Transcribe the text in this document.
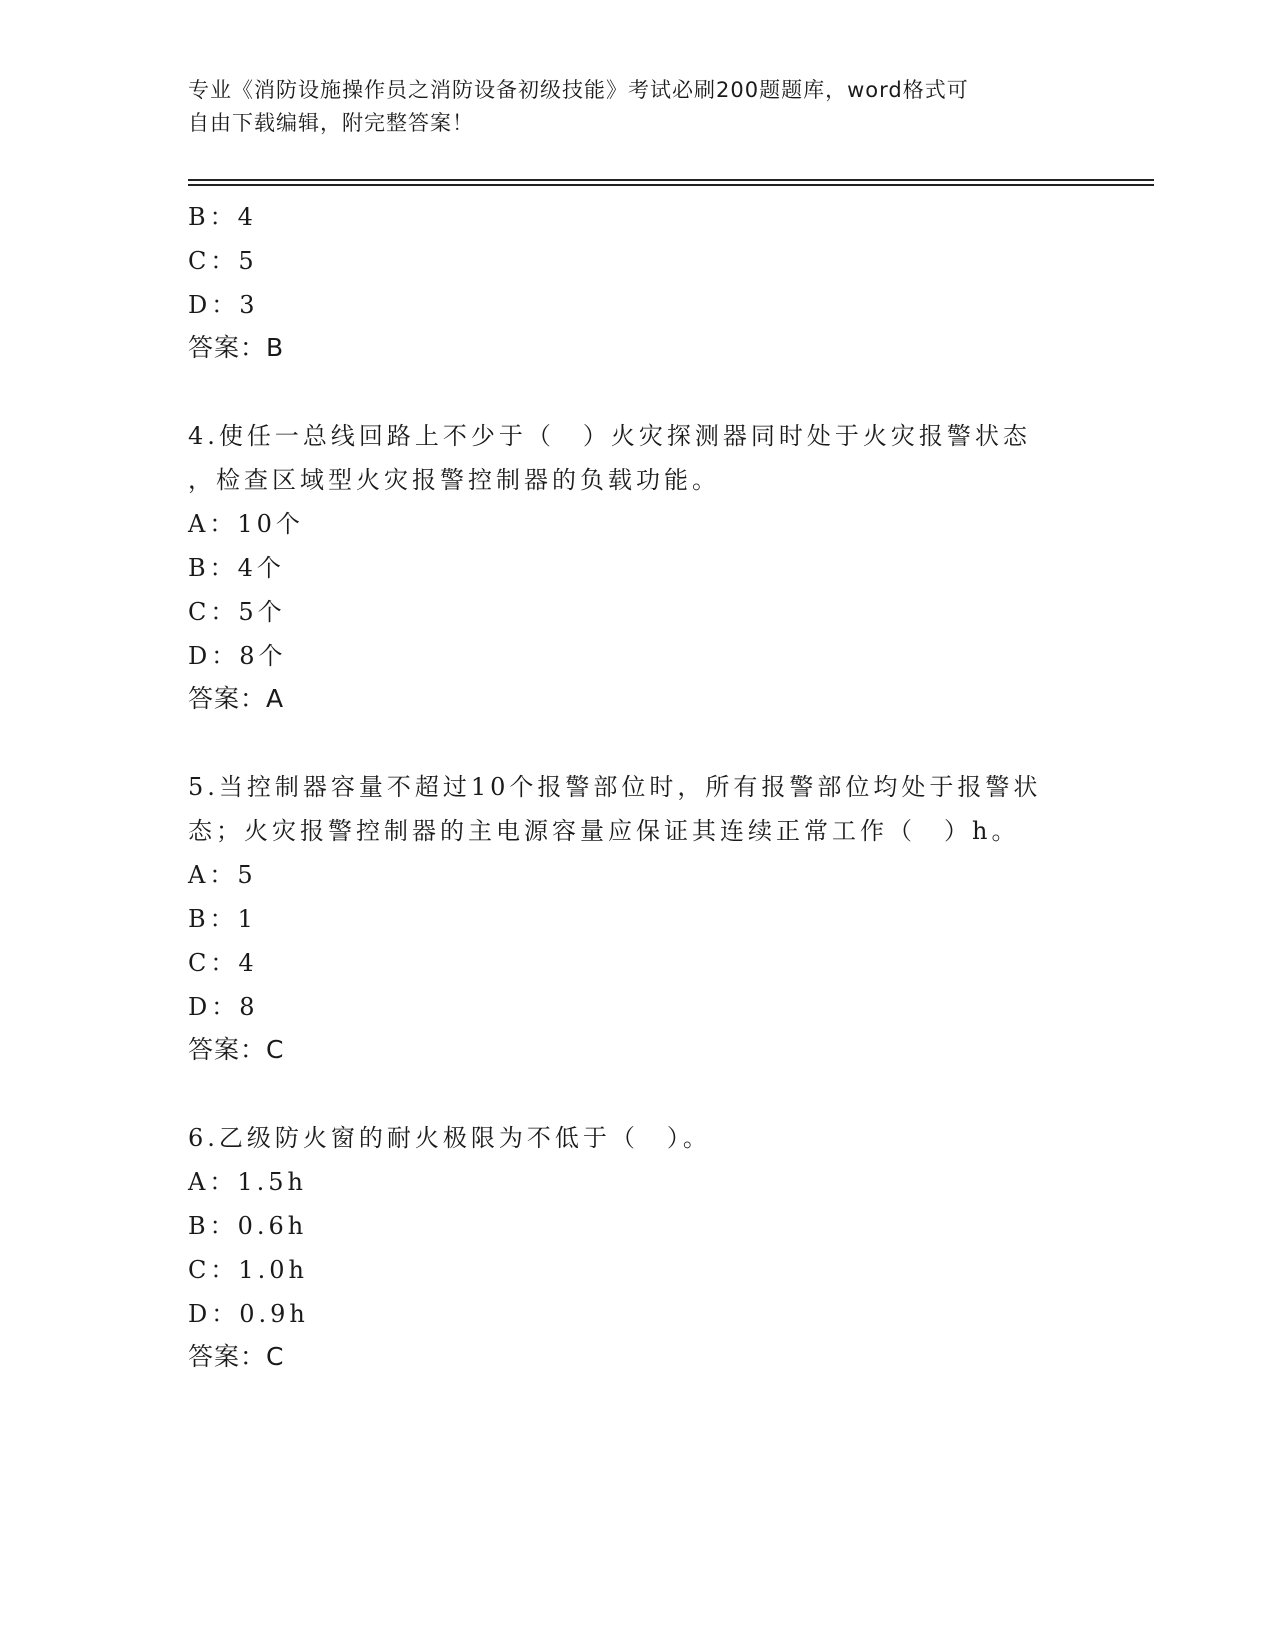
专业《消防设施操作员之消防设备初级技能》考试必刷200题题库，word格式可
自由下载编辑，附完整答案！
B：4
C：5
D：3
答案：B
4.使任一总线回路上不少于（　）火灾探测器同时处于火灾报警状态
，检查区域型火灾报警控制器的负载功能。
A：10个
B：4个
C：5个
D：8个
答案：A
5.当控制器容量不超过10个报警部位时，所有报警部位均处于报警状
态；火灾报警控制器的主电源容量应保证其连续正常工作（　）h。
A：5
B：1
C：4
D：8
答案：C
6.乙级防火窗的耐火极限为不低于（　）。
A：1.5h
B：0.6h
C：1.0h
D：0.9h
答案：C
